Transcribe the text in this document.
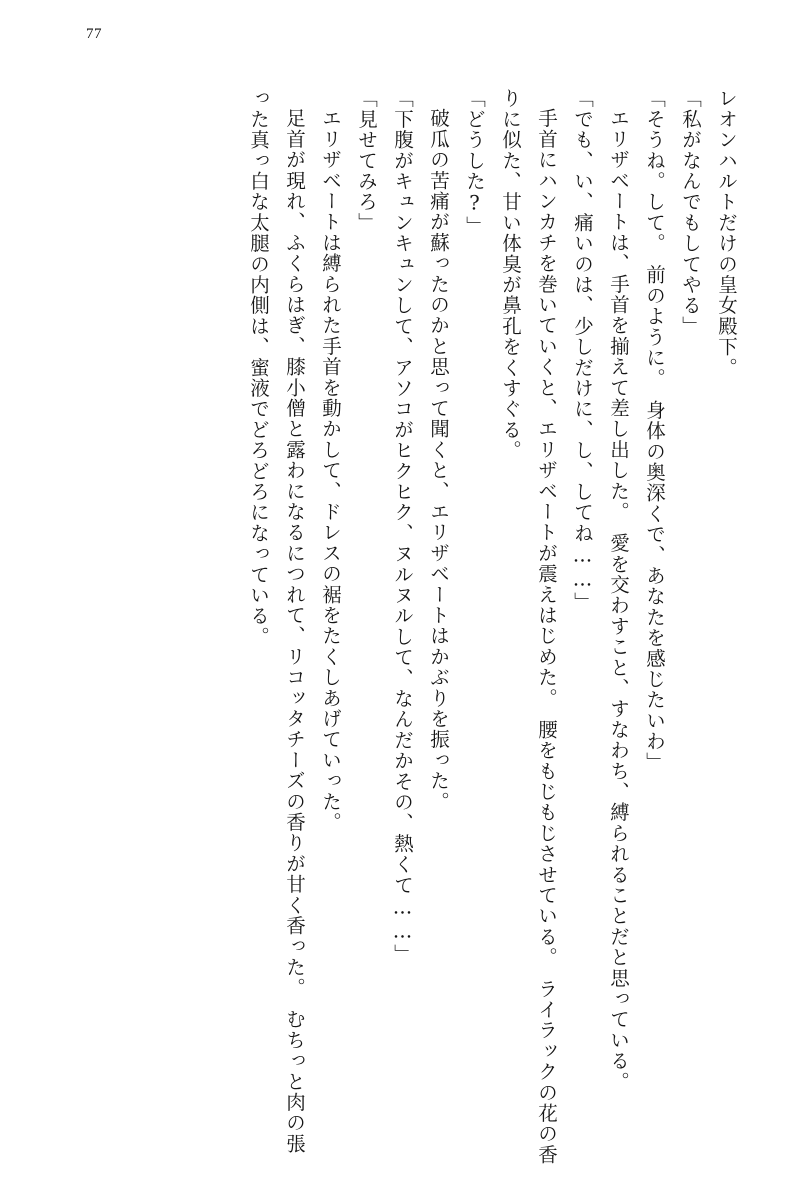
77

レオンハルトだけの皇女殿下。

「私がなんでもしてやる」

「そうね。して。　前のように。　身体の奥深くで、あなたを感じたいわ」

エリザベートは、手首を揃えて差し出した。　愛を交わすこと、すなわち、縛られることだと思っている。

「でも、い、痛いのは、少しだけに、し、してね……」

手首にハンカチを巻いていくと、エリザベートが震えはじめた。　腰をもじもじさせている。　ライラックの花の香りに似た、甘い体臭が鼻孔をくすぐる。

「どうした?」

破瓜の苦痛が蘇ったのかと思って聞くと、エリザベートはかぶりを振った。

「下腹がキュンキュンして、アソコがヒクヒク、ヌルヌルして、なんだかその、熱くて……」

「見せてみろ」

エリザベートは縛られた手首を動かして、ドレスの裾をたくしあげていった。

足首が現れ、ふくらはぎ、膝小僧と露わになるにつれて、リコッタチーズの香りが甘く香った。　むちっと肉の張った真っ白な太腿の内側は、蜜液でどろどろになっている。
